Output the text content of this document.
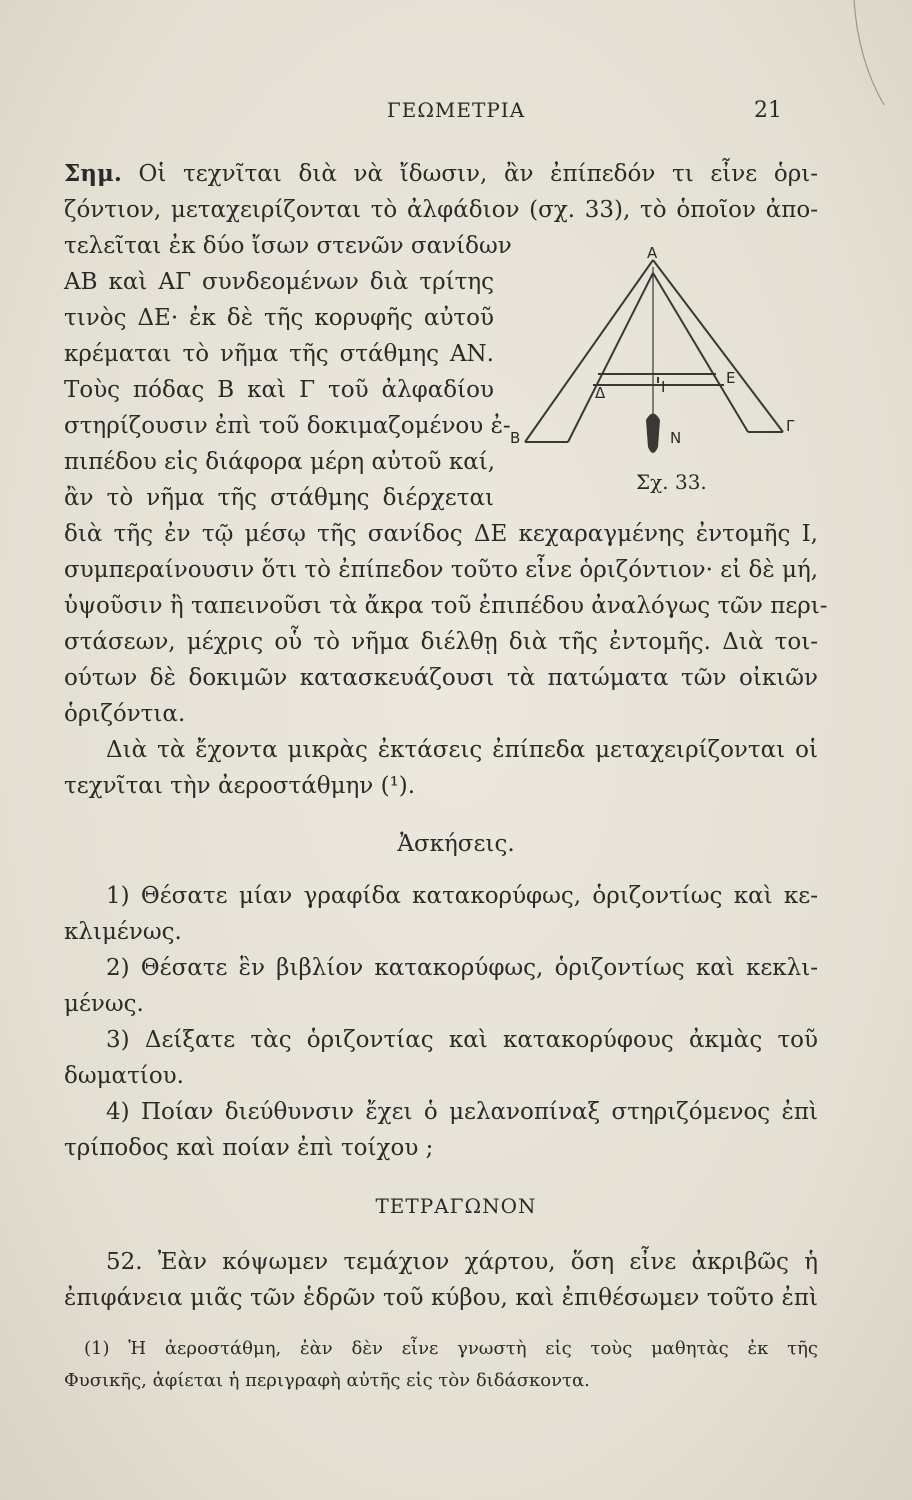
ΓΕΩΜΕΤΡΙΑ	21
Σημ. Οἱ τεχνῖται διὰ νὰ ἴδωσιν, ἂν ἐπίπεδόν τι εἶνε ὁρι-
ζόντιον, μεταχειρίζονται τὸ ἀλφάδιον (σχ. 33), τὸ ὁποῖον ἀπο-
τελεῖται ἐκ δύο ἴσων στενῶν σανίδων
ΑΒ καὶ ΑΓ συνδεομένων διὰ τρίτης
τινὸς ΔΕ· ἐκ δὲ τῆς κορυφῆς αὐτοῦ
κρέμαται τὸ νῆμα τῆς στάθμης ΑΝ.
Τοὺς πόδας Β καὶ Γ τοῦ ἀλφαδίου
στηρίζουσιν ἐπὶ τοῦ δοκιμαζομένου ἐ-
πιπέδου εἰς διάφορα μέρη αὐτοῦ καί,
ἂν τὸ νῆμα τῆς στάθμης διέρχεται
A
B
Γ
Δ
E
I
N
Σχ. 33.
διὰ τῆς ἐν τῷ μέσῳ τῆς σανίδος ΔΕ κεχαραγμένης ἐντομῆς Ι,
συμπεραίνουσιν ὅτι τὸ ἐπίπεδον τοῦτο εἶνε ὁριζόντιον· εἰ δὲ μή,
ὑψοῦσιν ἢ ταπεινοῦσι τὰ ἄκρα τοῦ ἐπιπέδου ἀναλόγως τῶν περι-
στάσεων, μέχρις οὗ τὸ νῆμα διέλθῃ διὰ τῆς ἐντομῆς. Διὰ τοι-
ούτων δὲ δοκιμῶν κατασκευάζουσι τὰ πατώματα τῶν οἰκιῶν
ὁριζόντια.
Διὰ τὰ ἔχοντα μικρὰς ἐκτάσεις ἐπίπεδα μεταχειρίζονται οἱ
τεχνῖται τὴν ἀεροστάθμην (¹).
Ἀσκήσεις.
1) Θέσατε μίαν γραφίδα κατακορύφως, ὁριζοντίως καὶ κε-
κλιμένως.
2) Θέσατε ἓν βιβλίον κατακορύφως, ὁριζοντίως καὶ κεκλι-
μένως.
3) Δείξατε τὰς ὁριζοντίας καὶ κατακορύφους ἀκμὰς τοῦ
δωματίου.
4) Ποίαν διεύθυνσιν ἔχει ὁ μελανοπίναξ στηριζόμενος ἐπὶ
τρίποδος καὶ ποίαν ἐπὶ τοίχου ;
ΤΕΤΡΑΓΩΝΟΝ
52. Ἐὰν κόψωμεν τεμάχιον χάρτου, ὅση εἶνε ἀκριβῶς ἡ
ἐπιφάνεια μιᾶς τῶν ἑδρῶν τοῦ κύβου, καὶ ἐπιθέσωμεν τοῦτο ἐπὶ
(1) Ἡ ἀεροστάθμη, ἐὰν δὲν εἶνε γνωστὴ εἰς τοὺς μαθητὰς ἐκ τῆς
Φυσικῆς, ἀφίεται ἡ περιγραφὴ αὐτῆς εἰς τὸν διδάσκοντα.
